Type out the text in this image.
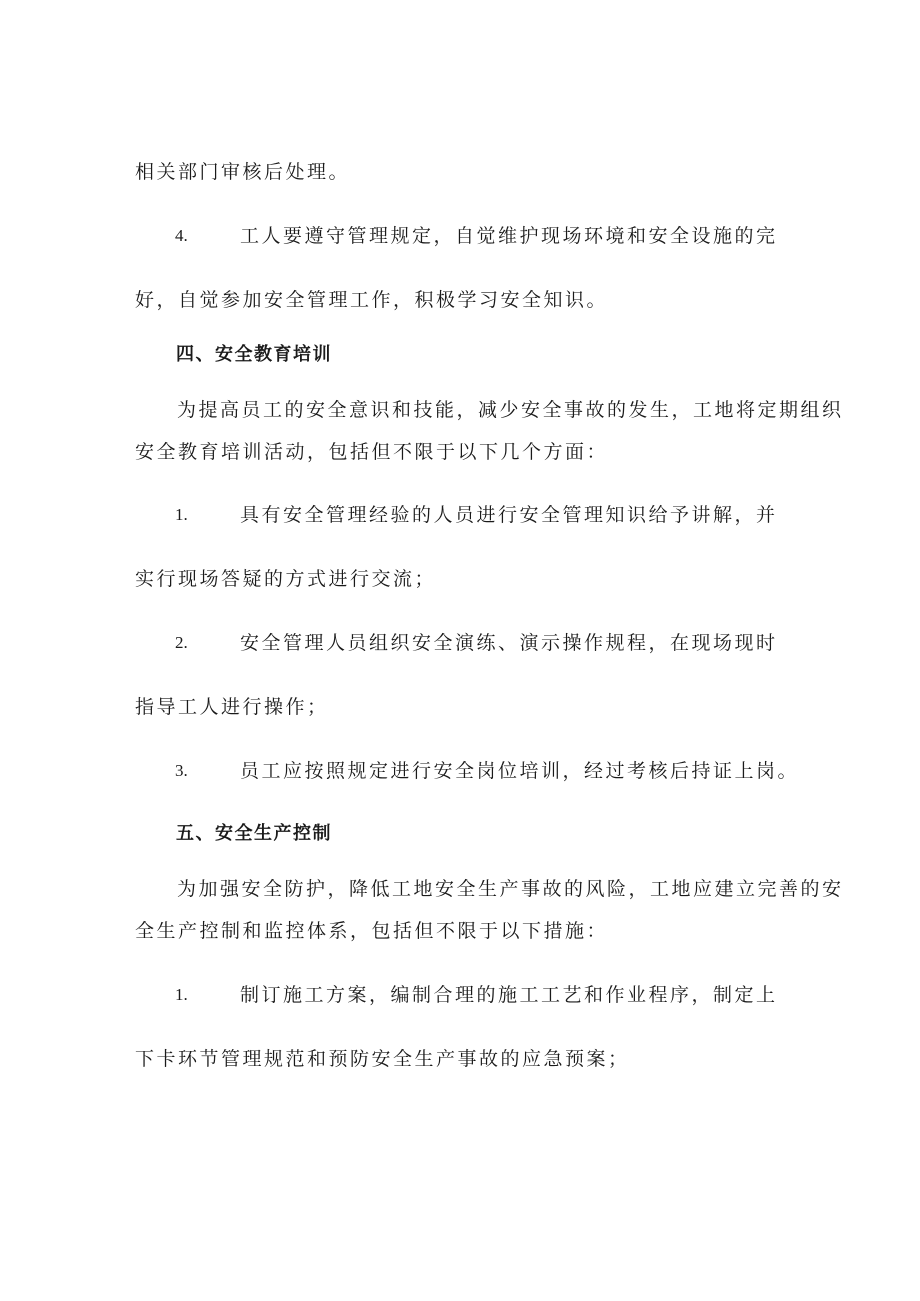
相关部门审核后处理。
4.	工人要遵守管理规定，自觉维护现场环境和安全设施的完
好，自觉参加安全管理工作，积极学习安全知识。
四、安全教育培训
为提高员工的安全意识和技能，减少安全事故的发生，工地将定期组织
安全教育培训活动，包括但不限于以下几个方面：
1.	具有安全管理经验的人员进行安全管理知识给予讲解，并
实行现场答疑的方式进行交流；
2.	安全管理人员组织安全演练、演示操作规程，在现场现时
指导工人进行操作；
3.	员工应按照规定进行安全岗位培训，经过考核后持证上岗。
五、安全生产控制
为加强安全防护，降低工地安全生产事故的风险，工地应建立完善的安
全生产控制和监控体系，包括但不限于以下措施：
1.	制订施工方案，编制合理的施工工艺和作业程序，制定上
下卡环节管理规范和预防安全生产事故的应急预案；
